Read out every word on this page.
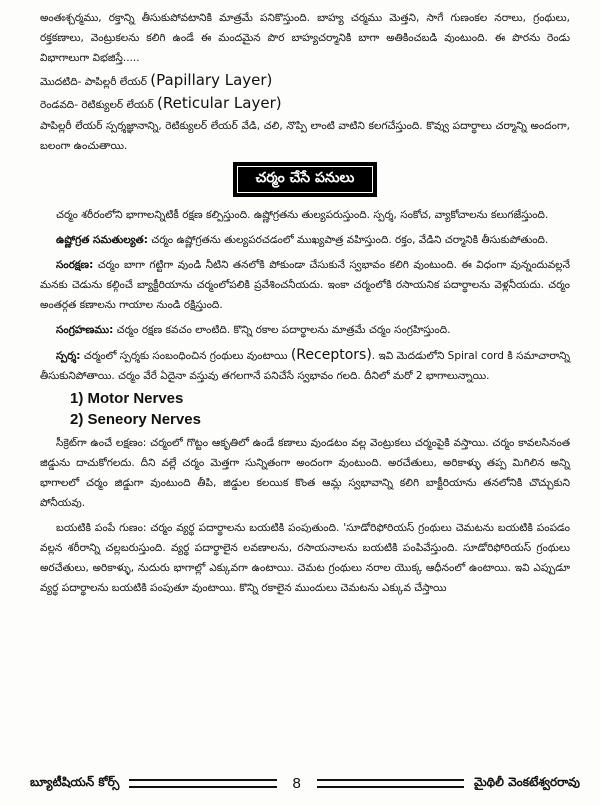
అంతఃశ్చర్మము, రక్తాన్ని తీసుకుపోవటానికి మాత్రమే పనికొస్తుంది. బాహ్య చర్మము మెత్తని, సాగే గుణంకల నరాలు, గ్రంథులు, రక్తకణాలు, వెంట్రుకలను కలిగి ఉండే ఈ మందమైన పొర బాహ్యచర్మానికి బాగా అతికించబడి వుంటుంది. ఈ పొరను రెండు విభాగాలుగా విభజిస్తే.....

మొదటిది- పాపిల్లరీ లేయర్ (Papillary Layer)

రెండవది- రెటిక్యులర్ లేయర్ (Reticular Layer)

పాపిల్లరీ లేయర్ స్పర్శజ్ఞానాన్ని, రెటిక్యులర్ లేయర్ వేడి, చలి, నొప్పి లాంటి వాటిని కలగచేస్తుంది. కొవ్వు పదార్థాలు చర్మాన్ని అందంగా, బలంగా ఉంచుతాయి.

చర్మం చేసే పనులు

చర్మం శరీరంలోని భాగాలన్నిటికీ రక్షణ కల్పిస్తుంది. ఉష్ణోగ్రతను తుల్యపరుస్తుంది. స్పర్శ, సంకోచ, వ్యాకోచాలను కలుగజేస్తుంది.

ఉష్ణోగ్రత సమతుల్యత: చర్మం ఉష్ణోగ్రతను తుల్యపరచడంలో ముఖ్యపాత్ర వహిస్తుంది. రక్తం, వేడిని చర్మానికి తీసుకుపోతుంది.

సంరక్షణ: చర్మం బాగా గట్టిగా వుండి నీటిని తనలోకి పోకుండా చేసుకునే స్వభావం కలిగి వుంటుంది. ఈ విధంగా వున్నందువల్లనే మనకు చెడును కల్గించే బ్యాక్టీరియాను చర్మంలోపలికి ప్రవేశించనీయదు. ఇంకా చర్మంలోకి రసాయనిక పదార్థాలను వెళ్లనీయదు. చర్మం అంతర్గత కణాలను గాయాల నుండి రక్షిస్తుంది.

సంగ్రహణము: చర్మం రక్షణ కవచం లాంటిది. కొన్ని రకాల పదార్థాలను మాత్రమే చర్మం సంగ్రహిస్తుంది.

స్పర్శ: చర్మంలో స్పర్శకు సంబంధించిన గ్రంథులు వుంటాయి (Receptors). ఇవి మెదడులోని Spiral cord కి సమాచారాన్ని తీసుకునిపోతాయి. చర్మం వేరే ఏదైనా వస్తువు తగలగానే పనిచేసే స్వభావం గలది. దీనిలో మరో 2 భాగాలున్నాయి.

1) Motor Nerves

2) Seneory Nerves

సీక్రెట్‌గా ఉంచే లక్షణం: చర్మంలో గొట్టం ఆకృతిలో ఉండే కణాలు వుండటం వల్ల వెంట్రుకలు చర్మంపైకి వస్తాయి. చర్మం కావలసినంత జిడ్డును దాచుకోగలదు. దీని వల్లే చర్మం మెత్తగా సున్నితంగా అందంగా వుంటుంది. అరచేతులు, అరికాళ్ళు తప్ప మిగిలిన అన్ని భాగాలలో చర్మం జిడ్డుగా వుంటుంది తీపి, జిడ్డుల కలయిక కొంత ఆమ్ల స్వభావాన్ని కలిగి బాక్టీరియాను తనలోనికి చొచ్చుకుని పోనీయవు.

బయటికి పంపే గుణం: చర్మం వ్యర్థ పదార్థాలను బయటికి పంపుతుంది. 'సూడోరిఫోరియస్ గ్రంథులు చెమటను బయటికి పంపడం వల్లన శరీరాన్ని చల్లబరుస్తుంది. వ్యర్థ పదార్థాలైన లవణాలను, రసాయనాలను బయటికి పంపివేస్తుంది. సూడోరిఫోరియస్ గ్రంథులు అరచేతులు, అరికాళ్ళు, నుదురు భాగాల్లో ఎక్కువగా ఉంటాయి. చెమట గ్రంథులు నరాల యొక్క ఆధీనంలో ఉంటాయి. ఇవి ఎప్పుడూ వ్యర్థ పదార్థాలను బయటికి పంపుతూ వుంటాయి. కొన్ని రకాలైన ముందులు చెమటను ఎక్కువ చేస్తాయి

బ్యూటీషియన్ కోర్స్	8	మైథిలీ వెంకటేశ్వరరావు
